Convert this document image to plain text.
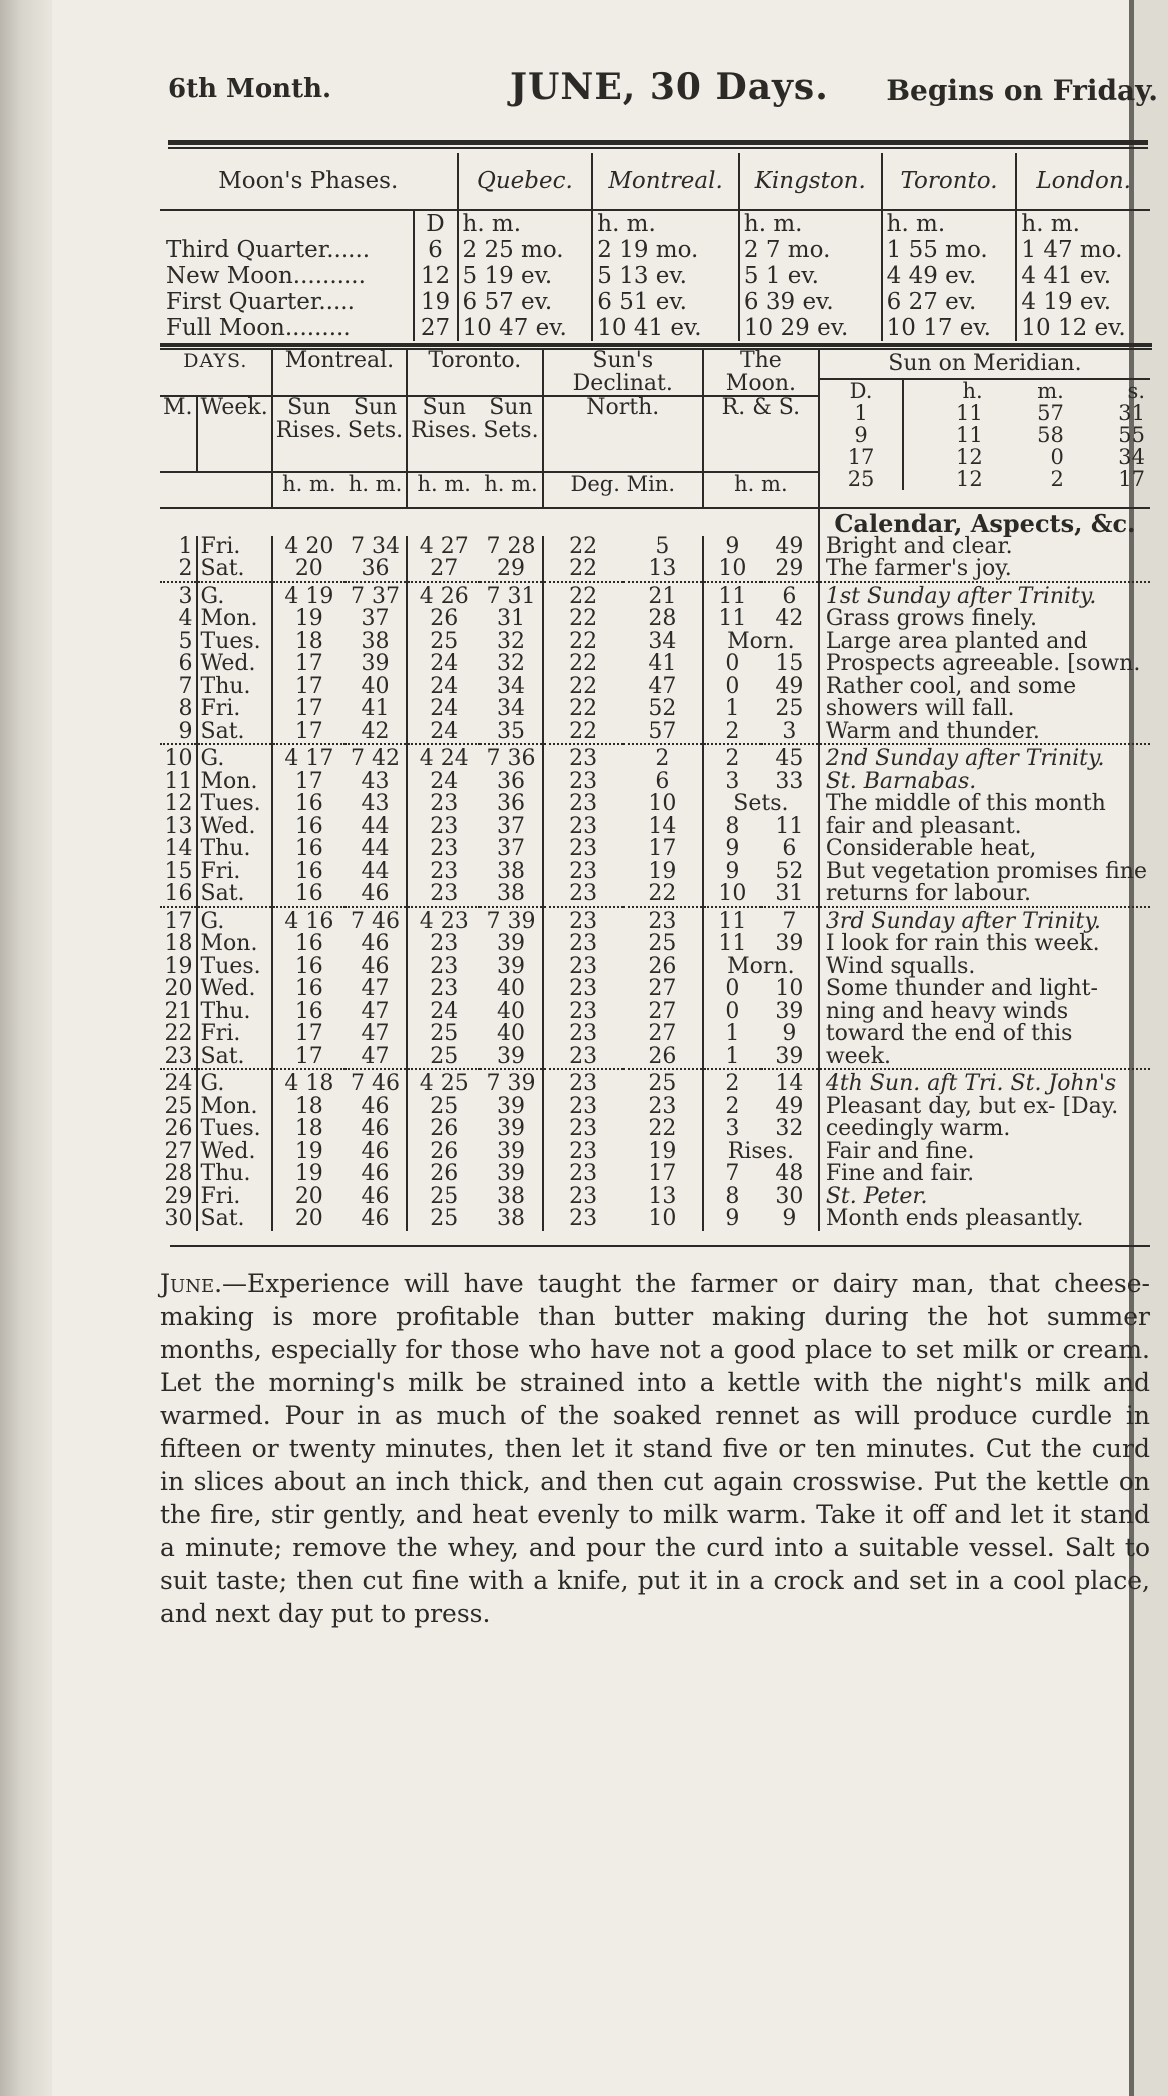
6th Month.	JUNE, 30 Days. Begins on Friday.
Moon's Phases.		Quebec.	Montreal.	Kingston.	Toronto.	London.
	D	h. m.	h. m.	h. m.	h. m.	h. m.
Third Quarter......	6	2 25 mo.	2 19 mo.	2 7 mo.	1 55 mo.	1 47 mo.
New Moon..........	12	5 19 ev.	5 13 ev.	5 1 ev.	4 49 ev.	4 41 ev.
First Quarter.....	19	6 57 ev.	6 51 ev.	6 39 ev.	6 27 ev.	4 19 ev.
Full Moon.........	27	10 47 ev.	10 41 ev.	10 29 ev.	10 17 ev.	10 12 ev.
DAYS.	Montreal.	Toronto.	Sun's Declinat.	The Moon.	
Sun on Meridian.
D.	h.	m.	s.
1	11	57	31
9	11	58	55
17	12	0	34
25	12	2	17

M.	Week.	Sun Rises.	Sun Sets.	Sun Rises.	Sun Sets.	North.	R. & S.
	h. m.	h. m.	h. m.	h. m.	Deg. Min.	h. m.
	Calendar, Aspects, &c.
1	Fri.	4 20	7 34	4 27	7 28	22	5	9	49	Bright and clear.
2	Sat.	20	36	27	29	22	13	10	29	The farmer's joy.

3	G.	4 19	7 37	4 26	7 31	22	21	11	6	1st Sunday after Trinity.
4	Mon.	19	37	26	31	22	28	11	42	Grass grows finely.
5	Tues.	18	38	25	32	22	34	Morn.	Large area planted and
6	Wed.	17	39	24	32	22	41	0	15	Prospects agreeable. [sown.
7	Thu.	17	40	24	34	22	47	0	49	Rather cool, and some
8	Fri.	17	41	24	34	22	52	1	25	showers will fall.
9	Sat.	17	42	24	35	22	57	2	3	Warm and thunder.

10	G.	4 17	7 42	4 24	7 36	23	2	2	45	2nd Sunday after Trinity.
11	Mon.	17	43	24	36	23	6	3	33	St. Barnabas.
12	Tues.	16	43	23	36	23	10	Sets.	The middle of this month
13	Wed.	16	44	23	37	23	14	8	11	fair and pleasant.
14	Thu.	16	44	23	37	23	17	9	6	Considerable heat,
15	Fri.	16	44	23	38	23	19	9	52	But vegetation promises fine
16	Sat.	16	46	23	38	23	22	10	31	returns for labour.

17	G.	4 16	7 46	4 23	7 39	23	23	11	7	3rd Sunday after Trinity.
18	Mon.	16	46	23	39	23	25	11	39	I look for rain this week.
19	Tues.	16	46	23	39	23	26	Morn.	Wind squalls.
20	Wed.	16	47	23	40	23	27	0	10	Some thunder and light-
21	Thu.	16	47	24	40	23	27	0	39	ning and heavy winds
22	Fri.	17	47	25	40	23	27	1	9	toward the end of this
23	Sat.	17	47	25	39	23	26	1	39	week.

24	G.	4 18	7 46	4 25	7 39	23	25	2	14	4th Sun. aft Tri. St. John's
25	Mon.	18	46	25	39	23	23	2	49	Pleasant day, but ex- [Day.
26	Tues.	18	46	26	39	23	22	3	32	ceedingly warm.
27	Wed.	19	46	26	39	23	19	Rises.	Fair and fine.
28	Thu.	19	46	26	39	23	17	7	48	Fine and fair.
29	Fri.	20	46	25	38	23	13	8	30	St. Peter.
30	Sat.	20	46	25	38	23	10	9	9	Month ends pleasantly.

June.—Experience will have taught the farmer or dairy man, that cheese-making is more profitable than butter making during the hot summer months, especially for those who have not a good place to set milk or cream. Let the morning's milk be strained into a kettle with the night's milk and warmed. Pour in as much of the soaked rennet as will produce curdle in fifteen or twenty minutes, then let it stand five or ten minutes. Cut the curd in slices about an inch thick, and then cut again crosswise. Put the kettle on the fire, stir gently, and heat evenly to milk warm. Take it off and let it stand a minute; remove the whey, and pour the curd into a suitable vessel. Salt to suit taste; then cut fine with a knife, put it in a crock and set in a cool place, and next day put to press.
